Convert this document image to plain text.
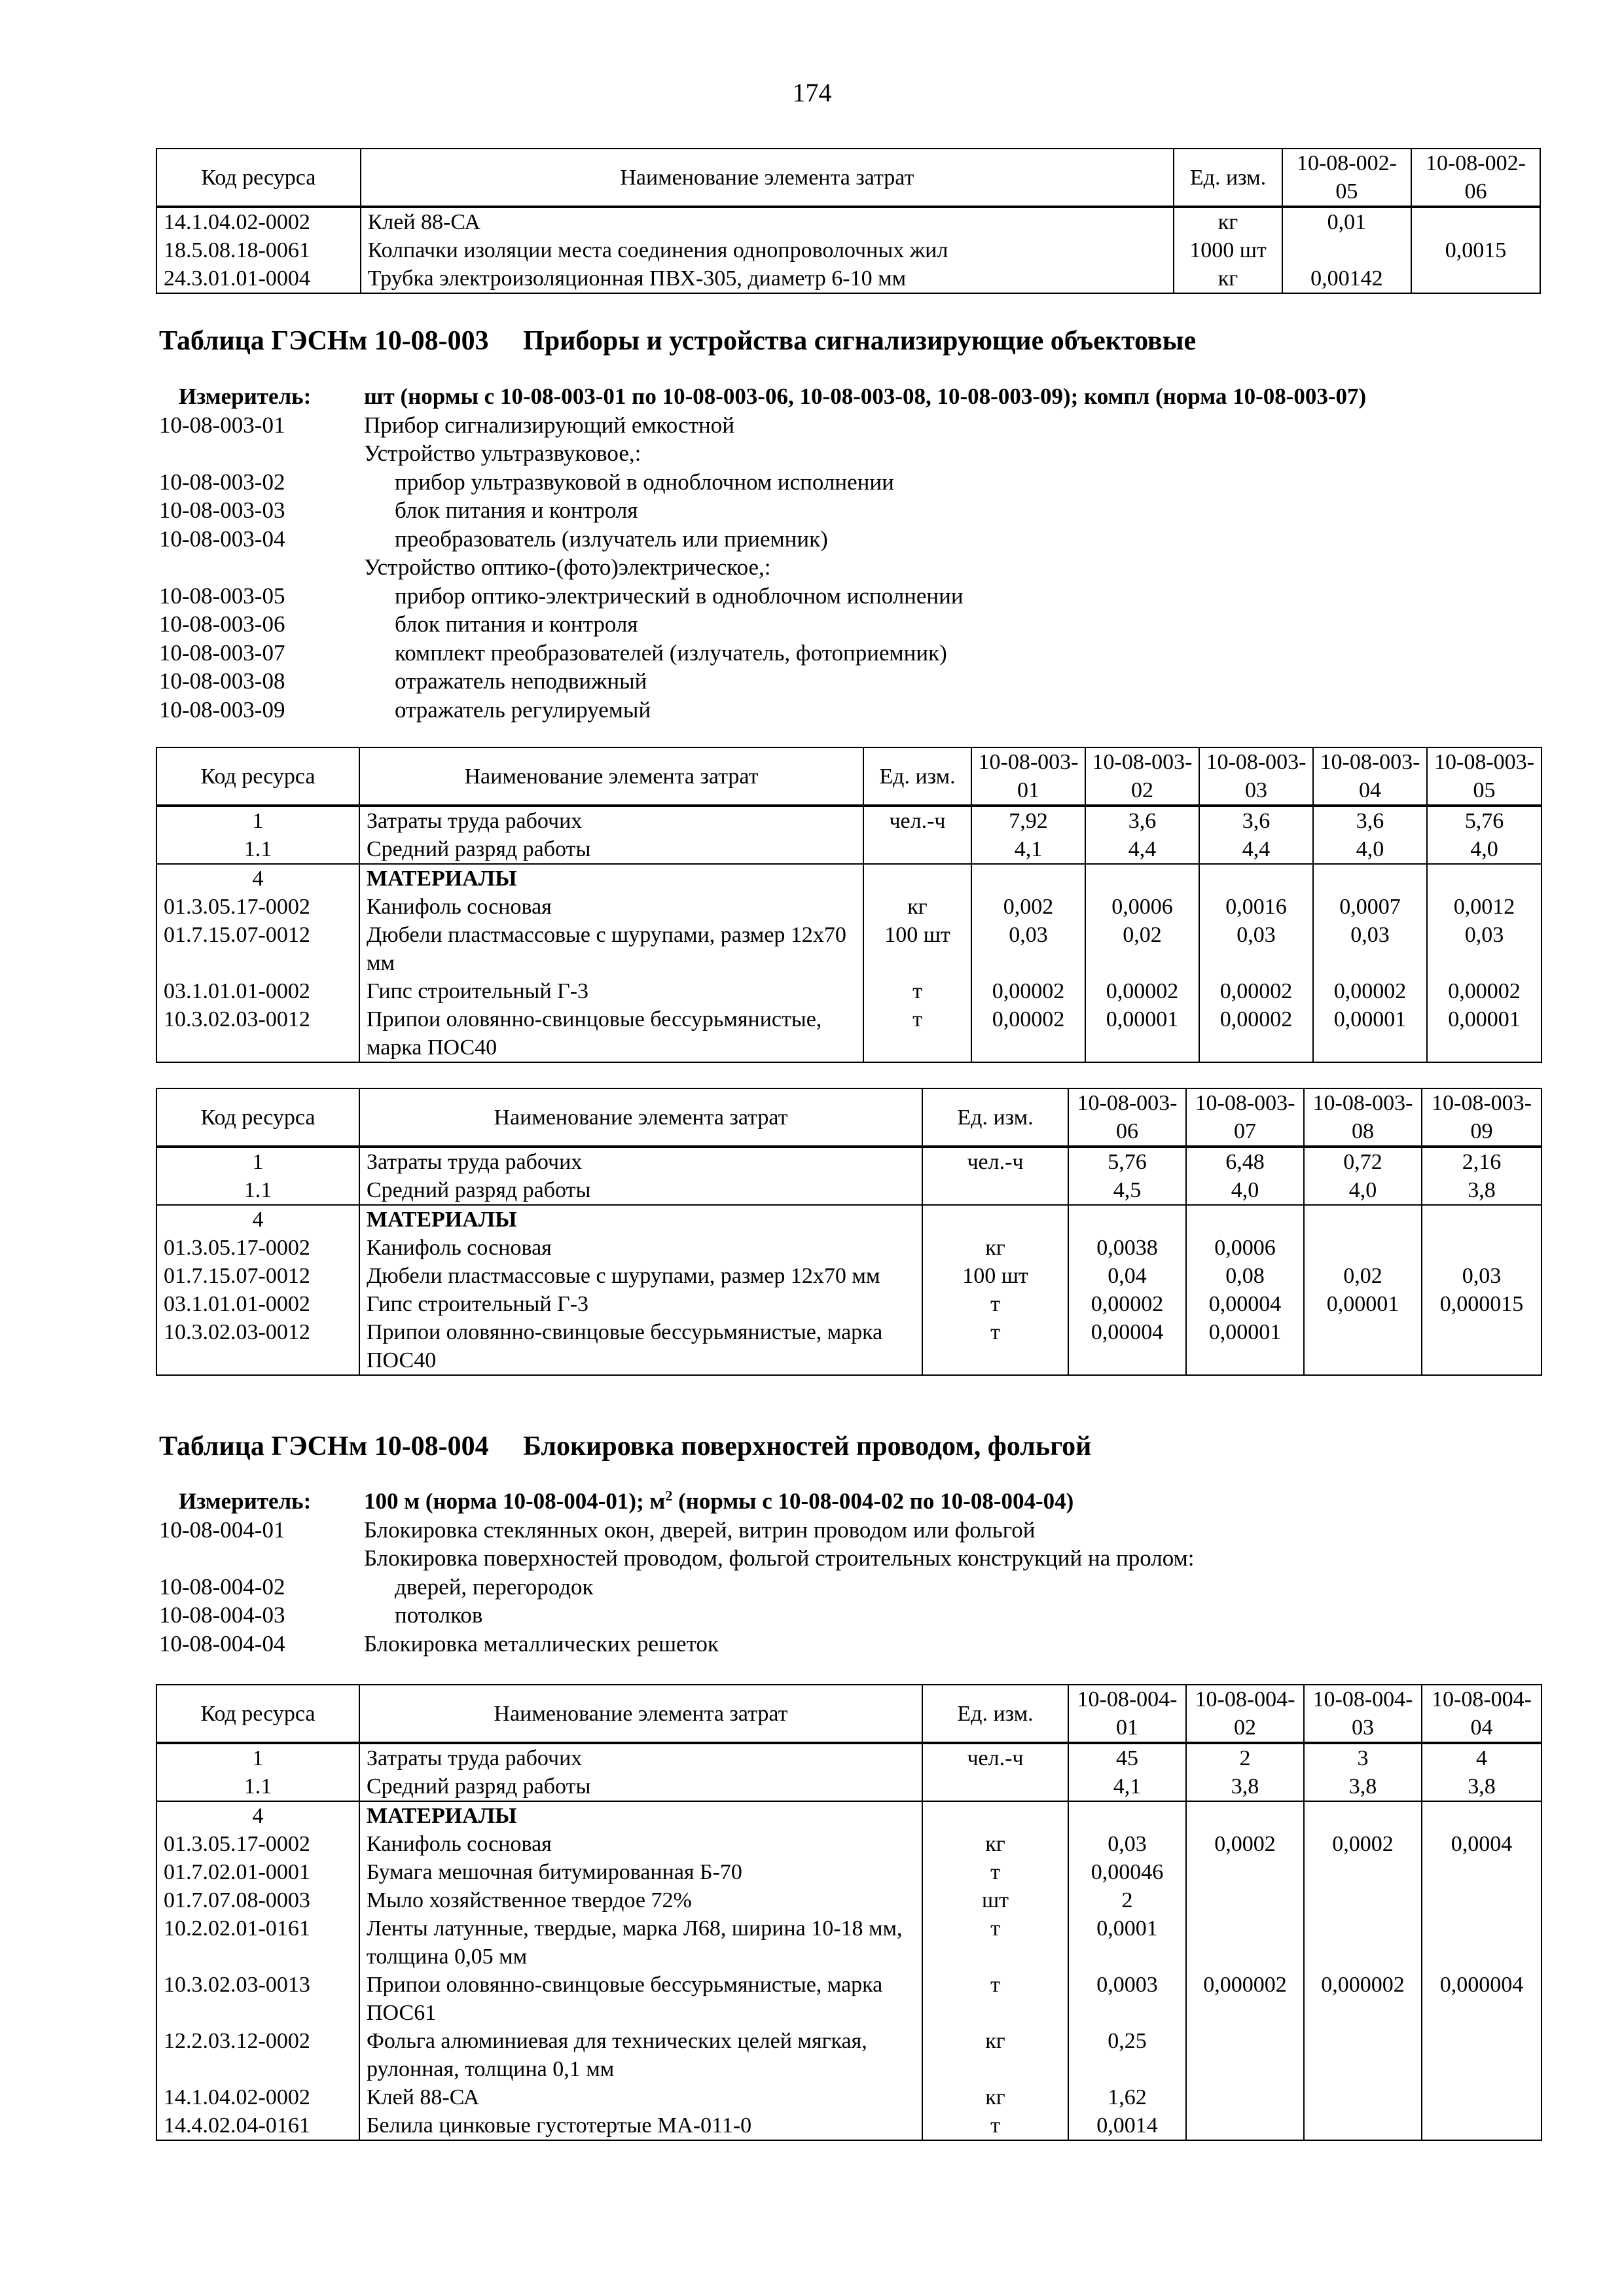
174
Код ресурса	Наименование элемента затрат	Ед. изм.	10-08-002-05	10-08-002-06
14.1.04.02-0002	Клей 88-СА	кг	0,01	
18.5.08.18-0061	Колпачки изоляции места соединения однопроволочных жил	1000 шт		0,0015
24.3.01.01-0004	Трубка электроизоляционная ПВХ-305, диаметр 6-10 мм	кг	0,00142	
Таблица ГЭСНм 10-08-003     Приборы и устройства сигнализирующие объектовые
Измеритель: шт (нормы с 10-08-003-01 по 10-08-003-06, 10-08-003-08, 10-08-003-09); компл (норма 10-08-003-07)
10-08-003-01	Прибор сигнализирующий емкостной
Устройство ультразвуковое,:
10-08-003-02	прибор ультразвуковой в одноблочном исполнении
10-08-003-03	блок питания и контроля
10-08-003-04	преобразователь (излучатель или приемник)
Устройство оптико-(фото)электрическое,:
10-08-003-05	прибор оптико-электрический в одноблочном исполнении
10-08-003-06	блок питания и контроля
10-08-003-07	комплект преобразователей (излучатель, фотоприемник)
10-08-003-08	отражатель неподвижный
10-08-003-09	отражатель регулируемый
Код ресурса	Наименование элемента затрат	Ед. изм.	10-08-003-01	10-08-003-02	10-08-003-03	10-08-003-04	10-08-003-05
1	Затраты труда рабочих	чел.-ч	7,92	3,6	3,6	3,6	5,76
1.1	Средний разряд работы		4,1	4,4	4,4	4,0	4,0
4	МАТЕРИАЛЫ						
01.3.05.17-0002	Канифоль сосновая	кг	0,002	0,0006	0,0016	0,0007	0,0012
01.7.15.07-0012	Дюбели пластмассовые с шурупами, размер 12х70 мм	100 шт	0,03	0,02	0,03	0,03	0,03
03.1.01.01-0002	Гипс строительный Г-3	т	0,00002	0,00002	0,00002	0,00002	0,00002
10.3.02.03-0012	Припои оловянно-свинцовые бессурьмянистые, марка ПОС40	т	0,00002	0,00001	0,00002	0,00001	0,00001
Код ресурса	Наименование элемента затрат	Ед. изм.	10-08-003-06	10-08-003-07	10-08-003-08	10-08-003-09
1	Затраты труда рабочих	чел.-ч	5,76	6,48	0,72	2,16
1.1	Средний разряд работы		4,5	4,0	4,0	3,8
4	МАТЕРИАЛЫ					
01.3.05.17-0002	Канифоль сосновая	кг	0,0038	0,0006		
01.7.15.07-0012	Дюбели пластмассовые с шурупами, размер 12х70 мм	100 шт	0,04	0,08	0,02	0,03
03.1.01.01-0002	Гипс строительный Г-3	т	0,00002	0,00004	0,00001	0,000015
10.3.02.03-0012	Припои оловянно-свинцовые бессурьмянистые, марка ПОС40	т	0,00004	0,00001		
Таблица ГЭСНм 10-08-004     Блокировка поверхностей проводом, фольгой
Измеритель: 100 м (норма 10-08-004-01); $м^2$ (нормы с 10-08-004-02 по 10-08-004-04)
10-08-004-01	Блокировка стеклянных окон, дверей, витрин проводом или фольгой
Блокировка поверхностей проводом, фольгой строительных конструкций на пролом:
10-08-004-02	дверей, перегородок
10-08-004-03	потолков
10-08-004-04	Блокировка металлических решеток
Код ресурса	Наименование элемента затрат	Ед. изм.	10-08-004-01	10-08-004-02	10-08-004-03	10-08-004-04
1	Затраты труда рабочих	чел.-ч	45	2	3	4
1.1	Средний разряд работы		4,1	3,8	3,8	3,8
4	МАТЕРИАЛЫ					
01.3.05.17-0002	Канифоль сосновая	кг	0,03	0,0002	0,0002	0,0004
01.7.02.01-0001	Бумага мешочная битумированная Б-70	т	0,00046			
01.7.07.08-0003	Мыло хозяйственное твердое 72%	шт	2			
10.2.02.01-0161	Ленты латунные, твердые, марка Л68, ширина 10-18 мм, толщина 0,05 мм	т	0,0001			
10.3.02.03-0013	Припои оловянно-свинцовые бессурьмянистые, марка ПОС61	т	0,0003	0,000002	0,000002	0,000004
12.2.03.12-0002	Фольга алюминиевая для технических целей мягкая, рулонная, толщина 0,1 мм	кг	0,25			
14.1.04.02-0002	Клей 88-СА	кг	1,62			
14.4.02.04-0161	Белила цинковые густотертые МА-011-0	т	0,0014			
